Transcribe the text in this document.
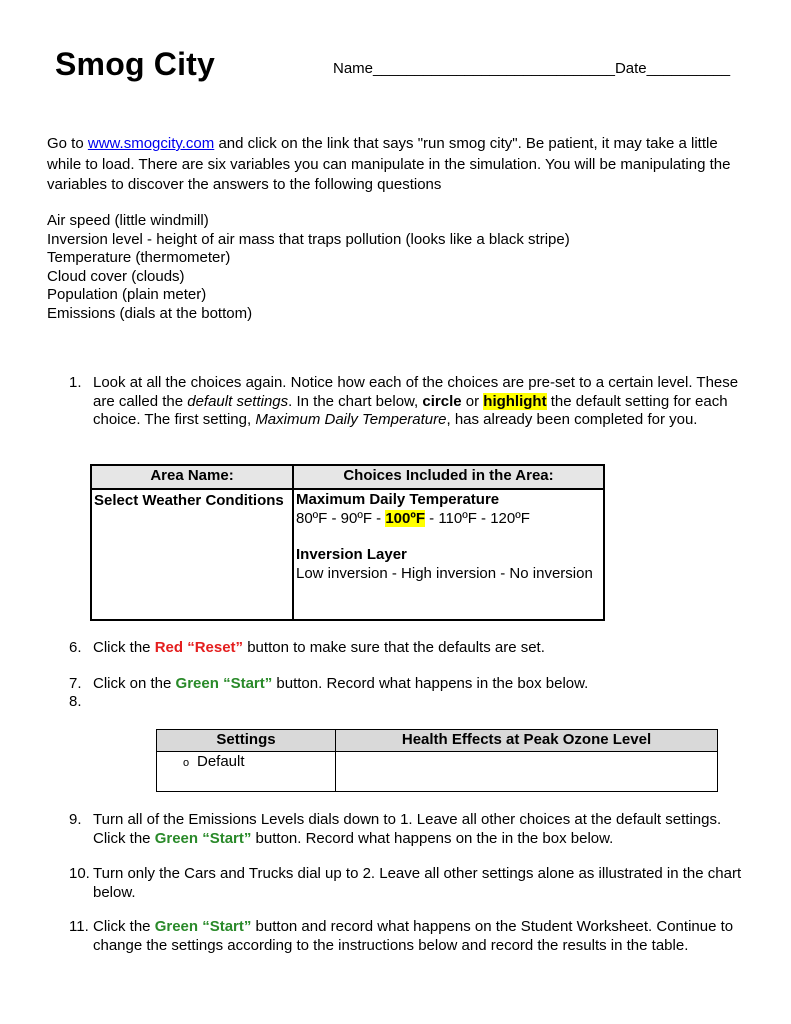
Smog City	Name_____________________________Date__________
Go to www.smogcity.com and click on the link that says "run smog city". Be patient, it may take a little while to load. There are six variables you can manipulate in the simulation. You will be manipulating the variables to discover the answers to the following questions
Air speed (little windmill)
Inversion level - height of air mass that traps pollution (looks like a black stripe)
Temperature (thermometer)
Cloud cover (clouds)
Population (plain meter)
Emissions (dials at the bottom)
1. Look at all the choices again. Notice how each of the choices are pre-set to a certain level. These are called the default settings. In the chart below, circle or highlight the default setting for each choice. The first setting, Maximum Daily Temperature, has already been completed for you.
Area Name:	Choices Included in the Area:
Select Weather Conditions	Maximum Daily Temperature
80ºF - 90ºF - 100ºF - 110ºF - 120ºF
Inversion Layer
Low inversion - High inversion - No inversion
6. Click the Red “Reset” button to make sure that the defaults are set.
7. Click on the Green “Start” button. Record what happens in the box below.
8.
Settings	Health Effects at Peak Ozone Level
o Default	
9. Turn all of the Emissions Levels dials down to 1. Leave all other choices at the default settings. Click the Green “Start” button. Record what happens on the in the box below.
10. Turn only the Cars and Trucks dial up to 2. Leave all other settings alone as illustrated in the chart below.
11. Click the Green “Start” button and record what happens on the Student Worksheet. Continue to change the settings according to the instructions below and record the results in the table.
